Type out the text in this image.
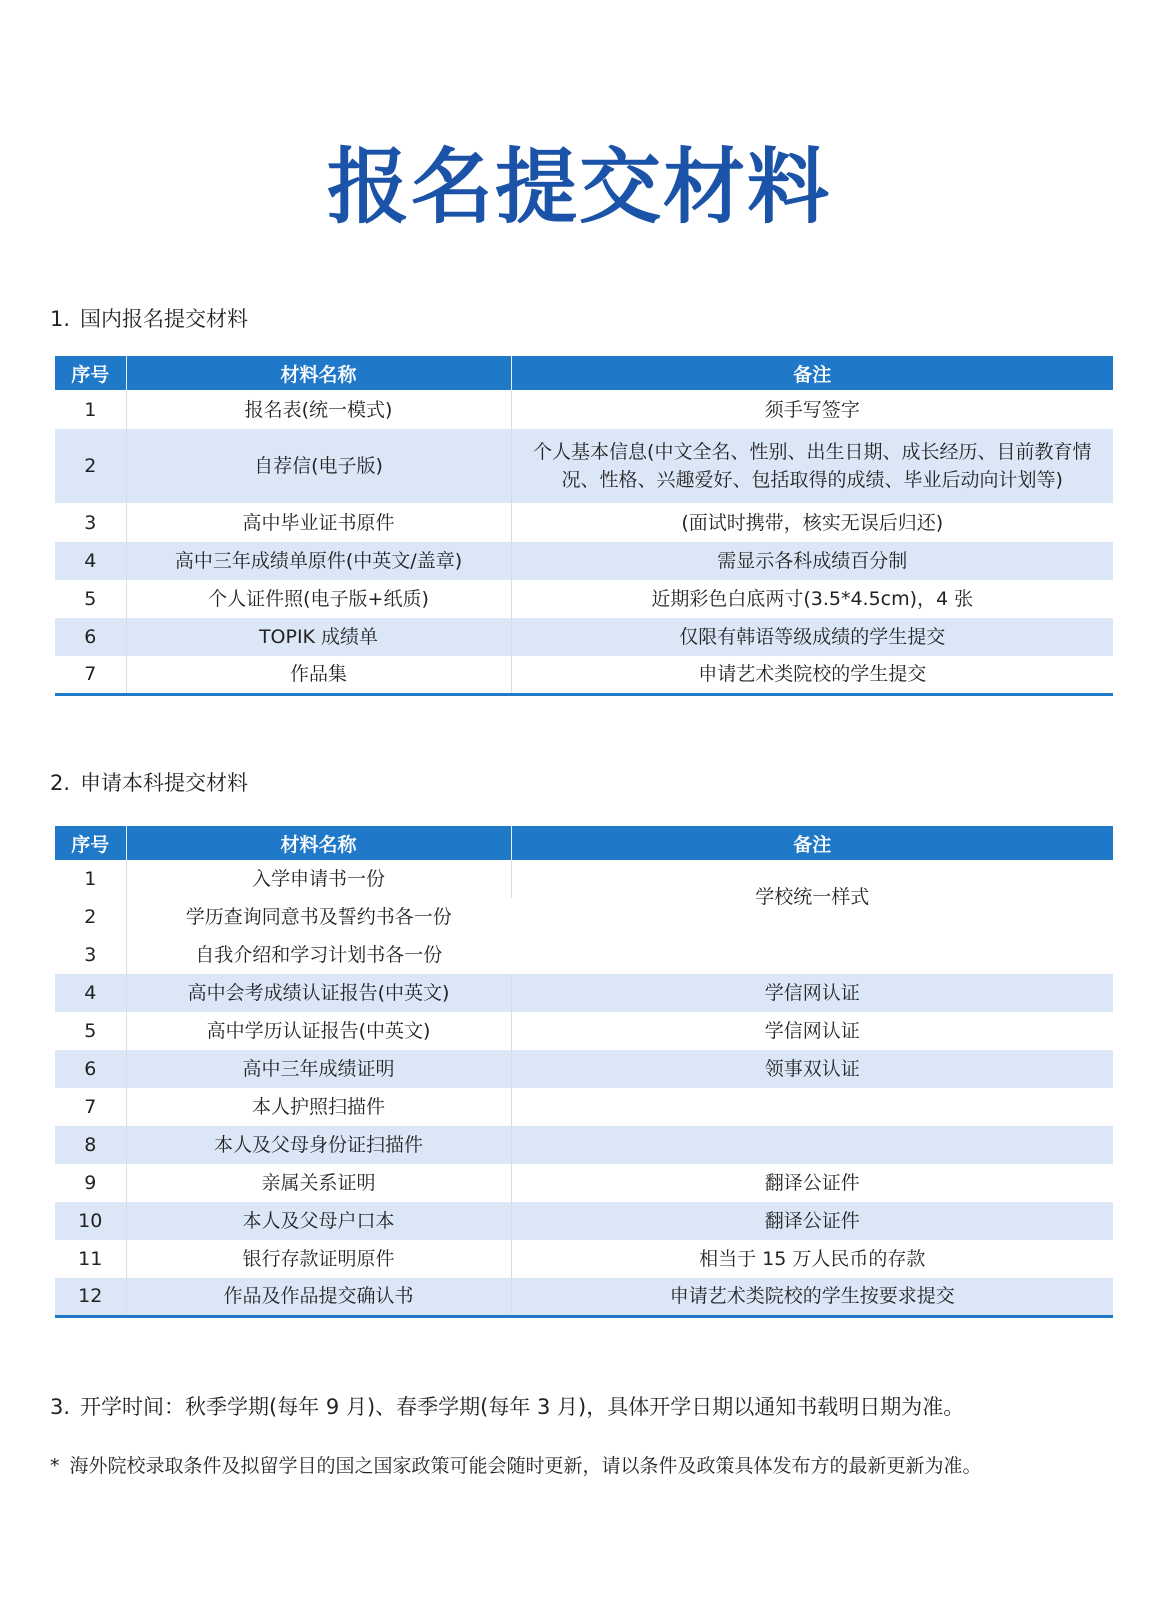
报名提交材料
1. 国内报名提交材料
序号	材料名称	备注
1	报名表(统一模式)	须手写签字
2	自荐信(电子版)	个人基本信息(中文全名、性别、出生日期、成长经历、目前教育情况、性格、兴趣爱好、包括取得的成绩、毕业后动向计划等)
3	高中毕业证书原件	(面试时携带，核实无误后归还)
4	高中三年成绩单原件(中英文/盖章)	需显示各科成绩百分制
5	个人证件照(电子版+纸质)	近期彩色白底两寸(3.5*4.5cm)，4 张
6	TOPIK 成绩单	仅限有韩语等级成绩的学生提交
7	作品集	申请艺术类院校的学生提交
2. 申请本科提交材料
序号	材料名称	备注
1	入学申请书一份	学校统一样式
2	学历查询同意书及誓约书各一份	
3	自我介绍和学习计划书各一份	
4	高中会考成绩认证报告(中英文)	学信网认证
5	高中学历认证报告(中英文)	学信网认证
6	高中三年成绩证明	领事双认证
7	本人护照扫描件	
8	本人及父母身份证扫描件	
9	亲属关系证明	翻译公证件
10	本人及父母户口本	翻译公证件
11	银行存款证明原件	相当于 15 万人民币的存款
12	作品及作品提交确认书	申请艺术类院校的学生按要求提交
3. 开学时间：秋季学期(每年 9 月)、春季学期(每年 3 月)，具体开学日期以通知书载明日期为准。
* 海外院校录取条件及拟留学目的国之国家政策可能会随时更新，请以条件及政策具体发布方的最新更新为准。
